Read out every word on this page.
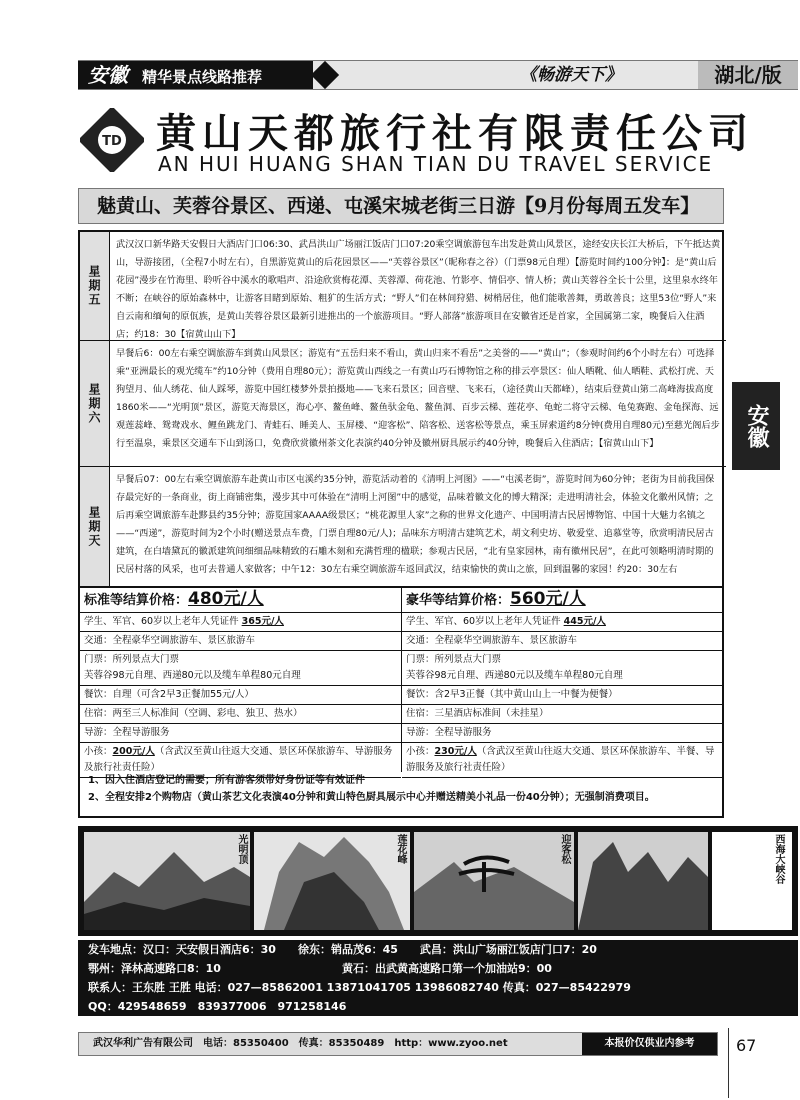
安徽 精华景点线路推荐	《畅游天下》	湖北/版
TD 黄山天都旅行社有限责任公司
AN HUI HUANG SHAN TIAN DU TRAVEL SERVICE
魅黄山、芙蓉谷景区、西递、屯溪宋城老街三日游【9月份每周五发车】
星期五
武汉汉口新华路天安假日大酒店门口06:30、武昌洪山广场丽江饭店门口07:20乘空调旅游包车出发赴黄山风景区，途经安庆长江大桥后，下午抵达黄山，导游接团，（全程7小时左右），自黑游览黄山的后花园景区——“芙蓉谷景区”（昵称春之谷）（门票98元自理）【游览时间约100分钟】：是“黄山后花园”漫步在竹海里、聆听谷中溪水的歌唱声、沿途欣赏梅花潭、芙蓉潭、荷花池、竹影亭、情侣亭、情人桥；黄山芙蓉谷全长十公里，这里泉水终年不断；在峡谷的原始森林中，让游客目睹到原始、粗犷的生活方式；“野人”们在林间狩猎、树梢居住，他们能歌善舞，勇敢善良；这里53位“野人”来自云南和缅甸的原佤族，是黄山芙蓉谷景区最新引进推出的一个旅游项目。“野人部落”旅游项目在安徽省还是首家，全国属第二家，晚餐后入住酒店；约18：30【宿黄山山下】
星期六
早餐后6：00左右乘空调旅游车到黄山风景区；游览有“五岳归来不看山，黄山归来不看岳”之美誉的——“黄山”；（参观时间约6个小时左右）可选择乘“亚洲最长的观光缆车”约10分钟（费用自理80元）；游览黄山西线之一有黄山巧石博物馆之称的排云亭景区：仙人晒靴、仙人晒鞋、武松打虎、天狗望月、仙人绣花、仙人踩琴，游览中国红楼梦外景拍摄地——飞来石景区；回音壁、飞来石，（途径黄山天都峰），结束后登黄山第二高峰海拔高度1860米——“光明顶”景区，游览天海景区，海心亭、鳌鱼峰、鳌鱼驮金龟、鳌鱼洞、百步云梯、莲花亭、龟蛇二将守云梯、龟兔赛跑、金龟探海、远观莲蕊峰、鸳鸯戏水、鲤鱼跳龙门、青蛙石、睡美人、玉屏楼、“迎客松”、陪客松、送客松等景点，乘玉屏索道约8分钟(费用自理80元)至慈光阁后步行至温泉，乘景区交通车下山到汤口，免费欣赏徽州茶文化表演约40分钟及徽州厨具展示约40分钟，晚餐后入住酒店；【宿黄山山下】
星期天
早餐后07：00左右乘空调旅游车赴黄山市区屯溪约35分钟，游览活动着的《清明上河图》——“屯溪老街”，游览时间为60分钟；老街为目前我国保存最完好的一条商业，街上商铺密集，漫步其中可体验在“清明上河图”中的感觉，品味着徽文化的博大精深；走进明清社会，体验文化徽州风情；之后再乘空调旅游车赴黟县约35分钟；游览国家AAAA级景区；“桃花源里人家”之称的世界文化遗产、中国明清古民居博物馆、中国十大魅力名镇之——“西递”，游览时间为2个小时(赠送景点车费，门票自理80元/人)；品味东方明清古建筑艺术，胡文利史坊、敬爱堂、追慕堂等，欣赏明清民居古建筑，在白墙黛瓦的徽派建筑间细细品味精致的石雕木刻和充满哲理的楹联；参观古民居，“北有皇家园林，南有徽州民居”，在此可领略明清时期的民居村落的风采，也可去普通人家做客；中午12：30左右乘空调旅游车返回武汉，结束愉快的黄山之旅，回到温馨的家园！约20：30左右
标准等结算价格：480元/人
学生、军官、60岁以上老年人凭证件 365元/人
交通：全程豪华空调旅游车、景区旅游车
门票：所列景点大门票
芙蓉谷98元自理、西递80元以及缆车单程80元自理
餐饮：自理（可含2早3正餐加55元/人）
住宿：两至三人标准间（空调、彩电、独卫、热水）
导游：全程导游服务
小孩：200元/人（含武汉至黄山往返大交通、景区环保旅游车、导游服务及旅行社责任险）
豪华等结算价格：560元/人
学生、军官、60岁以上老年人凭证件 445元/人
交通：全程豪华空调旅游车、景区旅游车
门票：所列景点大门票
芙蓉谷98元自理、西递80元以及缆车单程80元自理
餐饮：含2早3正餐（其中黄山山上一中餐为便餐）
住宿：三星酒店标准间（未挂星）
导游：全程导游服务
小孩：230元/人（含武汉至黄山往返大交通、景区环保旅游车、半餐、导游服务及旅行社责任险）
1、因入住酒店登记的需要；所有游客须带好身份证等有效证件
2、全程安排2个购物店（黄山茶艺文化表演40分钟和黄山特色厨具展示中心并赠送精美小礼品一份40分钟）；无强制消费项目。
光明顶	莲花峰	迎客松	西海大峡谷
发车地点：汉口：天安假日酒店6：30　　徐东：销品茂6：45　　武昌：洪山广场丽江饭店门口7：20
鄂州：泽林高速路口8：10　　　　　　　　　　　黄石：出武黄高速路口第一个加油站9：00
联系人：王东胜 王胜 电话：027—85862001 13871041705 13986082740 传真：027—85422979
QQ：429548659　839377006　971258146
武汉华利广告有限公司　电话：85350400　传真：85350489　http：www.zyoo.net	本报价仅供业内参考	67
安徽
